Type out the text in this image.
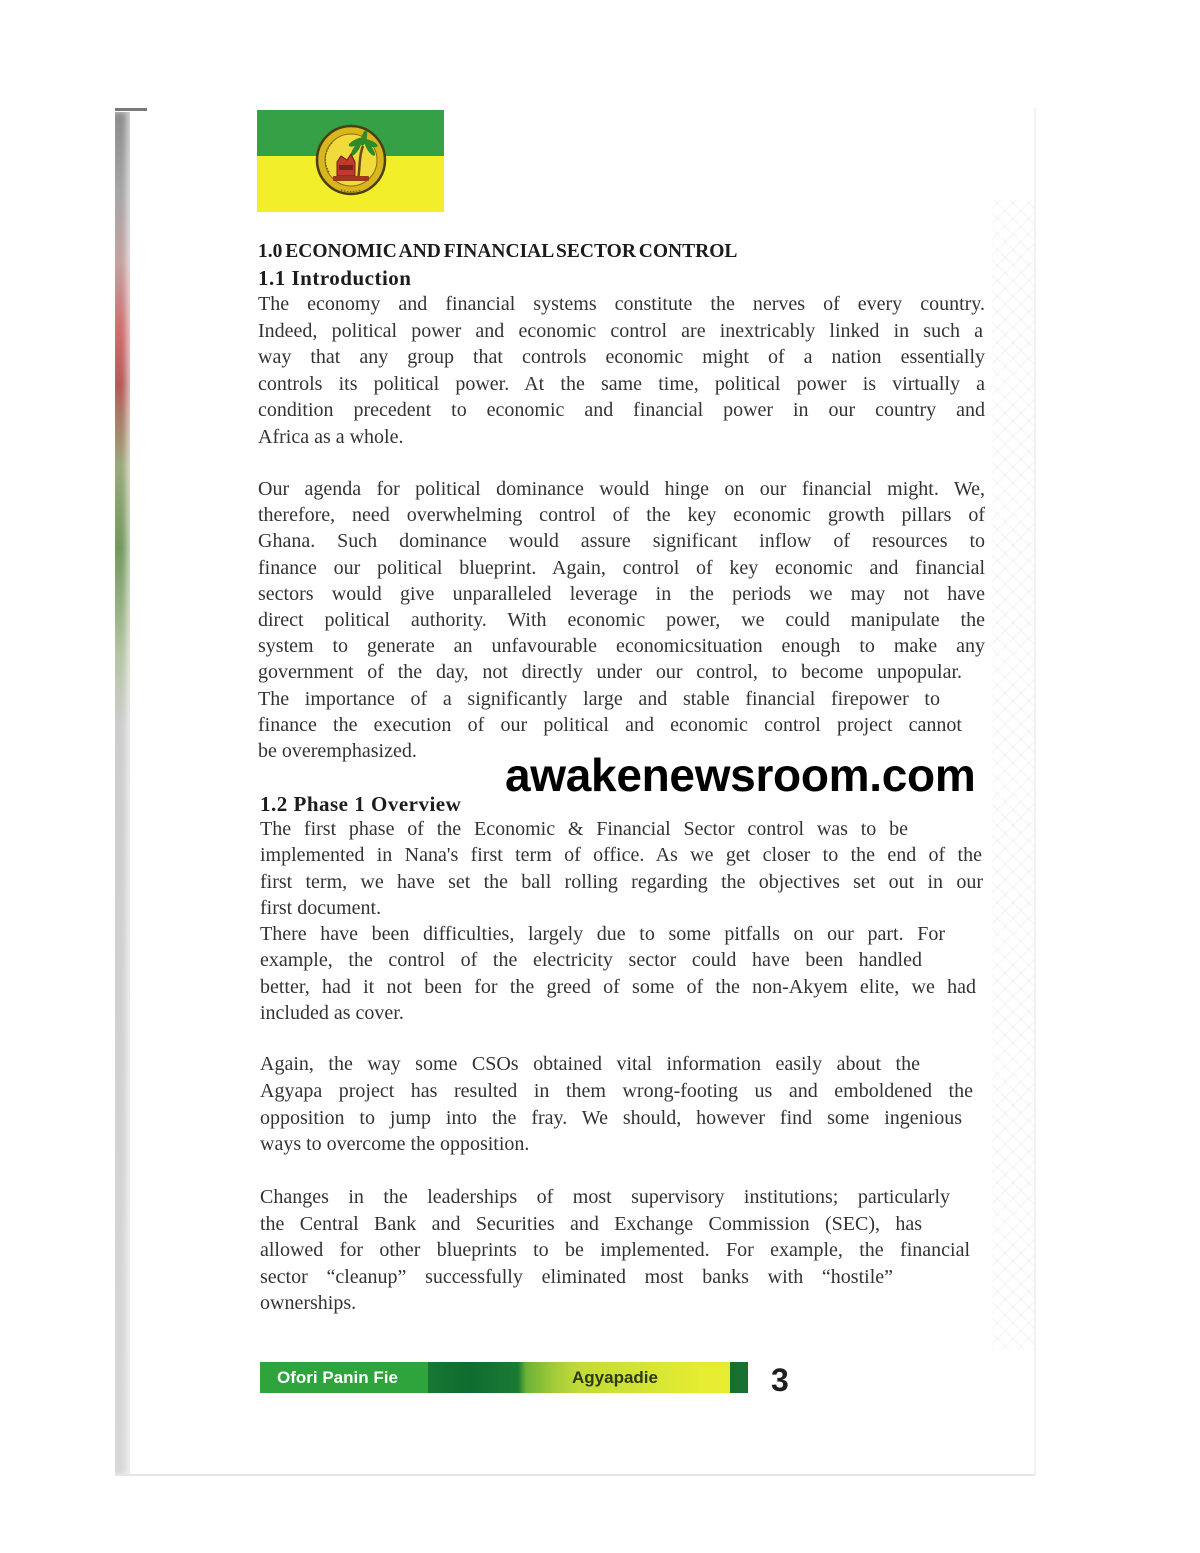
1.0 ECONOMIC AND FINANCIAL SECTOR CONTROL
1.1 Introduction
The economy and financial systems constitute the nerves of every country.
Indeed, political power and economic control are inextricably linked in such a
way that any group that controls economic might of a nation essentially
controls its political power. At the same time, political power is virtually a
condition precedent to economic and financial power in our country and
Africa as a whole.
Our agenda for political dominance would hinge on our financial might. We,
therefore, need overwhelming control of the key economic growth pillars of
Ghana. Such dominance would assure significant inflow of resources to
finance our political blueprint. Again, control of key economic and financial
sectors would give unparalleled leverage in the periods we may not have
direct political authority. With economic power, we could manipulate the
system to generate an unfavourable economicsituation enough to make any
government of the day, not directly under our control, to become unpopular.
The importance of a significantly large and stable financial firepower to
finance the execution of our political and economic control project cannot
be overemphasized.	awakenewsroom.com
1.2 Phase 1 Overview
The first phase of the Economic & Financial Sector control was to be
implemented in Nana's first term of office. As we get closer to the end of the
first term, we have set the ball rolling regarding the objectives set out in our
first document.
There have been difficulties, largely due to some pitfalls on our part. For
example, the control of the electricity sector could have been handled
better, had it not been for the greed of some of the non-Akyem elite, we had
included as cover.
Again, the way some CSOs obtained vital information easily about the
Agyapa project has resulted in them wrong-footing us and emboldened the
opposition to jump into the fray. We should, however find some ingenious
ways to overcome the opposition.
Changes in the leaderships of most supervisory institutions; particularly
the Central Bank and Securities and Exchange Commission (SEC), has
allowed for other blueprints to be implemented. For example, the financial
sector “cleanup” successfully eliminated most banks with “hostile”
ownerships.
Ofori Panin Fie	Agyapadie	3
